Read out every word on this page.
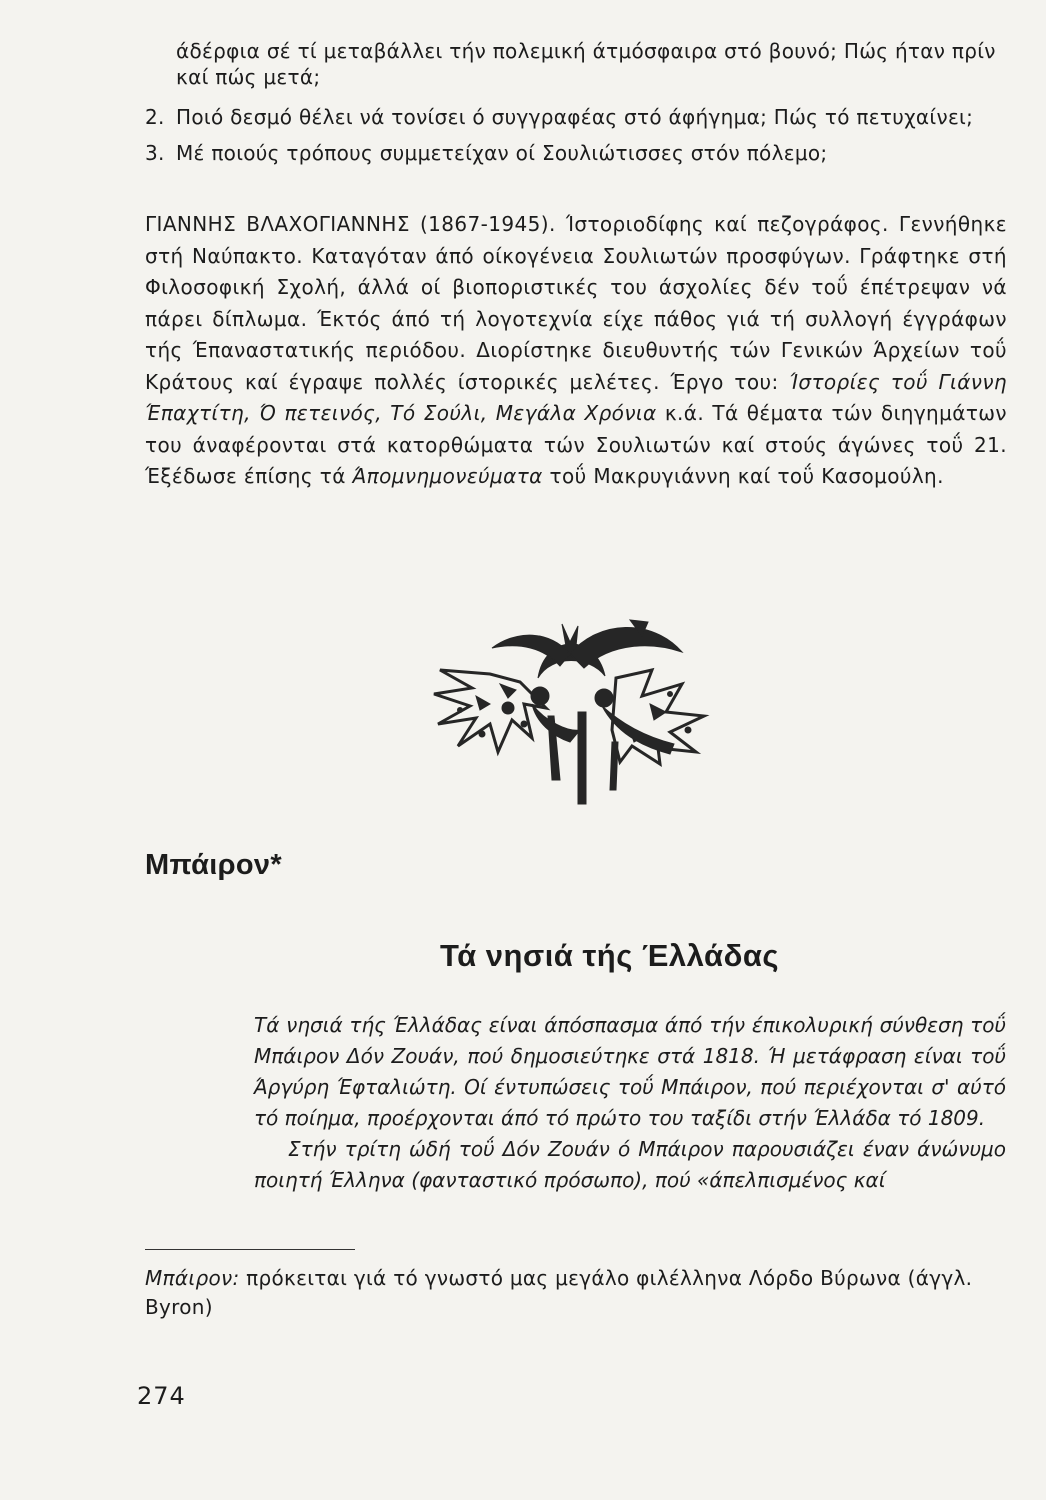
άδέρφια σέ τί μεταβάλλει τήν πολεμική άτμόσφαιρα στό βουνό; Πώς ήταν πρίν καί πώς μετά;
2. Ποιό δεσμό θέλει νά τονίσει ό συγγραφέας στό άφήγημα; Πώς τό πετυχαίνει;
3. Μέ ποιούς τρόπους συμμετείχαν οί Σουλιώτισσες στόν πόλεμο;
ΓΙΑΝΝΗΣ ΒΛΑΧΟΓΙΑΝΝΗΣ (1867-1945). Ίστοριοδίφης καί πεζογράφος. Γεννήθηκε στή Ναύπακτο. Καταγόταν άπό οίκογένεια Σουλιωτών προσφύγων. Γράφτηκε στή Φιλοσοφική Σχολή, άλλά οί βιοποριστικές του άσχολίες δέν τοΰ έπέτρεψαν νά πάρει δίπλωμα. Έκτός άπό τή λογοτεχνία είχε πάθος γιά τή συλλογή έγγράφων τής Έπαναστατικής περιόδου. Διορίστηκε διευθυντής τών Γενικών Άρχείων τοΰ Κράτους καί έγραψε πολλές ίστορικές μελέτες. Έργο του: Ίστορίες τοΰ Γιάννη Έπαχτίτη, Ό πετεινός, Τό Σούλι, Μεγάλα Χρόνια κ.ά. Τά θέματα τών διηγημάτων του άναφέρονται στά κατορθώματα τών Σουλιωτών καί στούς άγώνες τοΰ 21. Έξέδωσε έπίσης τά Άπομνημονεύματα τοΰ Μακρυγιάννη καί τοΰ Κασομούλη.
Μπάιρον*
Τά νησιά τής Έλλάδας

Τά νησιά τής Έλλάδας είναι άπόσπασμα άπό τήν έπικολυρική σύνθεση τοΰ Μπάιρον Δόν Ζουάν, πού δημοσιεύτηκε στά 1818. Ή μετάφραση είναι τοΰ Άργύρη Έφταλιώτη. Οί έντυπώσεις τοΰ Μπάιρον, πού περιέχονται σ' αύτό τό ποίημα, προέρχονται άπό τό πρώτο του ταξίδι στήν Έλλάδα τό 1809.

Στήν τρίτη ώδή τοΰ Δόν Ζουάν ό Μπάιρον παρουσιάζει έναν άνώνυμο ποιητή Έλληνα (φανταστικό πρόσωπο), πού «άπελπισμένος καί

Μπάιρον: πρόκειται γιά τό γνωστό μας μεγάλο φιλέλληνα Λόρδο Βύρωνα (άγγλ. Byron)
274
